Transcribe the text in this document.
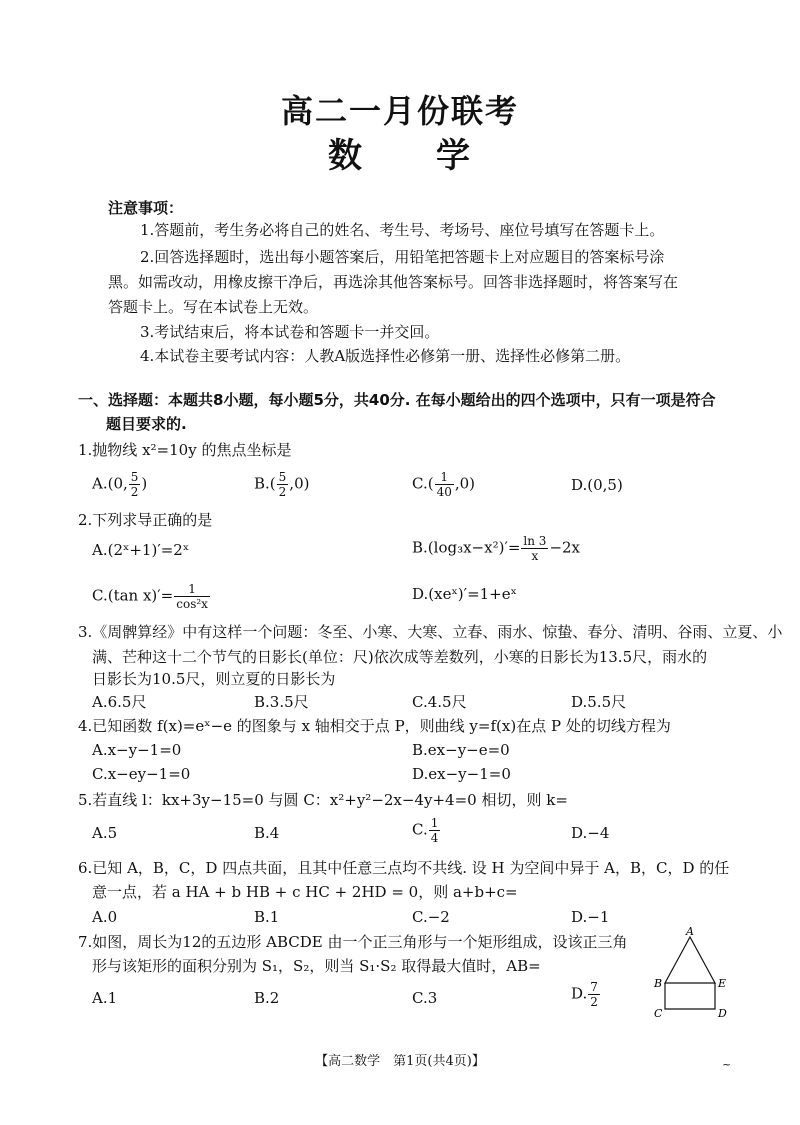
高二一月份联考
数　　学
注意事项：
1.答题前，考生务必将自己的姓名、考生号、考场号、座位号填写在答题卡上。
2.回答选择题时，选出每小题答案后，用铅笔把答题卡上对应题目的答案标号涂
黑。如需改动，用橡皮擦干净后，再选涂其他答案标号。回答非选择题时，将答案写在
答题卡上。写在本试卷上无效。
3.考试结束后，将本试卷和答题卡一并交回。
4.本试卷主要考试内容：人教A版选择性必修第一册、选择性必修第二册。
一、选择题：本题共8小题，每小题5分，共40分. 在每小题给出的四个选项中，只有一项是符合
题目要求的.
1.抛物线 x²=10y 的焦点坐标是
A.(0, $\frac{5}{2}$ )	$B.( \frac{5}{2} ,0)$	$C.( \frac{1}{40} ,0)$	D.(0,5)
2.下列求导正确的是
A.(2ˣ+1)′=2ˣ	$B.(\log_3x-x^2)'= \frac{\ln 3}{x} -2x$
C.(tan $x)'= \frac{1}{\text{cos²x}}$	D.(xeˣ)′=1+eˣ
3.《周髀算经》中有这样一个问题：冬至、小寒、大寒、立春、雨水、惊蛰、春分、清明、谷雨、立夏、小
满、芒种这十二个节气的日影长(单位：尺)依次成等差数列，小寒的日影长为13.5尺，雨水的
日影长为10.5尺，则立夏的日影长为
A.6.5尺	B.3.5尺	C.4.5尺	D.5.5尺
4.已知函数 f(x)=eˣ−e 的图象与 x 轴相交于点 P，则曲线 y=f(x)在点 P 处的切线方程为
A.x−y−1=0	B.ex−y−e=0
C.x−ey−1=0	D.ex−y−1=0
5.若直线 l：kx+3y−15=0 与圆 C：x²+y²−2x−4y+4=0 相切，则 k=
A.5	B.4	C. $\frac{1}{4}$	D.−4
6.已知 A，B，C，D 四点共面，且其中任意三点均不共线. 设 H 为空间中异于 A，B，C，D 的任
意一点，若 a HA + b HB + c HC + 2HD = 0，则 a+b+c=
A.0	B.1	C.−2	D.−1
7.如图，周长为12的五边形 ABCDE 由一个正三角形与一个矩形组成，设该正三角
形与该矩形的面积分别为 S₁，S₂，则当 S₁·S₂ 取得最大值时，AB=
A.1	B.2	C.3	D. $\frac{7}{2}$
A
B
C	D
E
【高二数学　第1页(共4页)】	~
